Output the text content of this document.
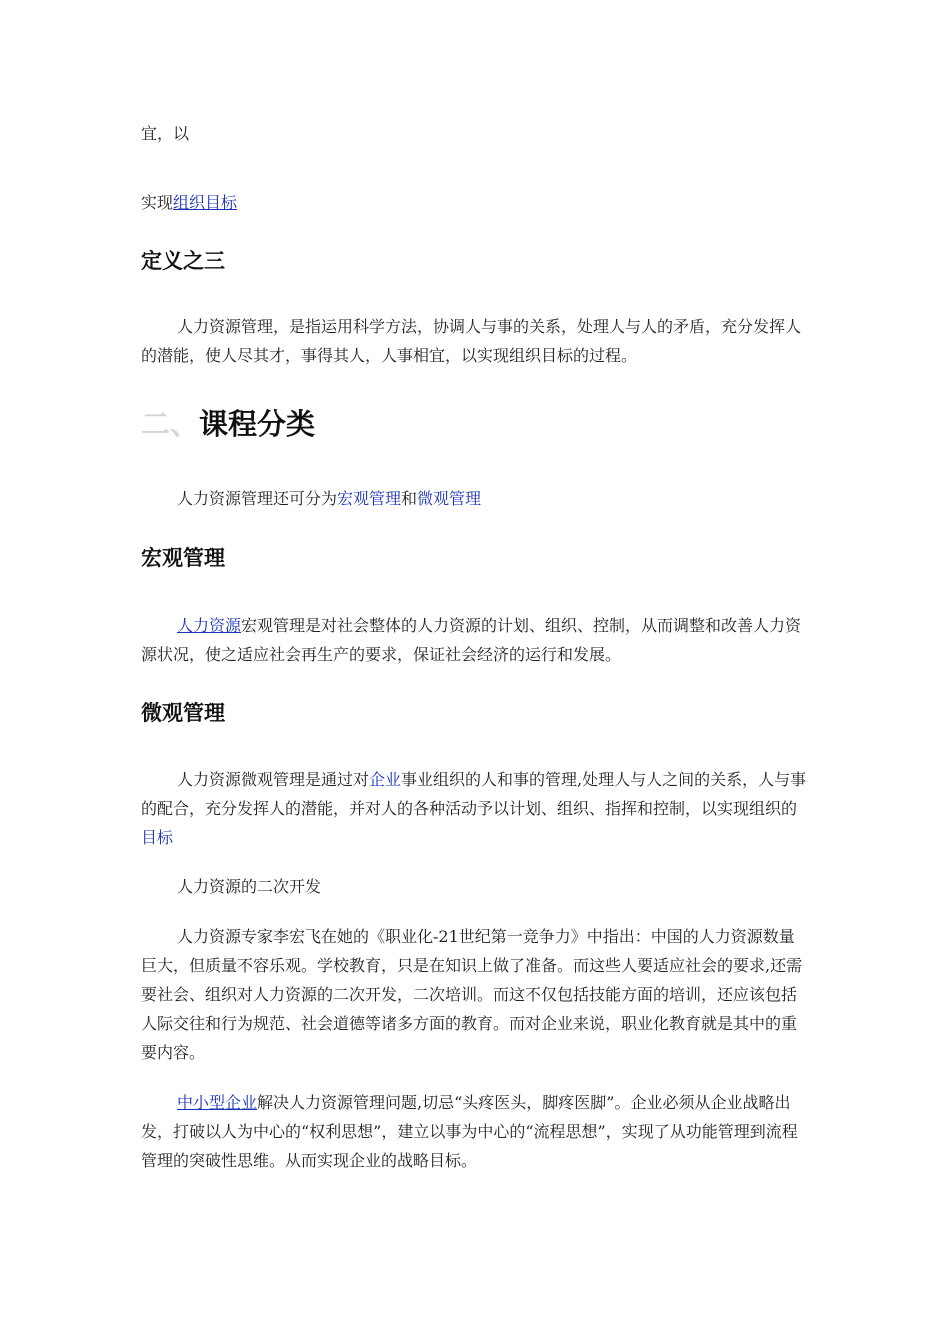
宜，以

实现组织目标

定义之三

人力资源管理，是指运用科学方法，协调人与事的关系，处理人与人的矛盾，充分发挥人的潜能，使人尽其才，事得其人，人事相宜，以实现组织目标的过程。

二、课程分类

人力资源管理还可分为宏观管理和微观管理

宏观管理

人力资源宏观管理是对社会整体的人力资源的计划、组织、控制，从而调整和改善人力资源状况，使之适应社会再生产的要求，保证社会经济的运行和发展。

微观管理

人力资源微观管理是通过对企业事业组织的人和事的管理,处理人与人之间的关系，人与事的配合，充分发挥人的潜能，并对人的各种活动予以计划、组织、指挥和控制，以实现组织的目标

人力资源的二次开发

人力资源专家李宏飞在她的《职业化-21世纪第一竞争力》中指出：中国的人力资源数量巨大，但质量不容乐观。学校教育，只是在知识上做了准备。而这些人要适应社会的要求,还需要社会、组织对人力资源的二次开发，二次培训。而这不仅包括技能方面的培训，还应该包括人际交往和行为规范、社会道德等诸多方面的教育。而对企业来说，职业化教育就是其中的重要内容。

中小型企业解决人力资源管理问题,切忌“头疼医头，脚疼医脚”。企业必须从企业战略出发，打破以人为中心的“权利思想”，建立以事为中心的“流程思想”，实现了从功能管理到流程管理的突破性思维。从而实现企业的战略目标。
